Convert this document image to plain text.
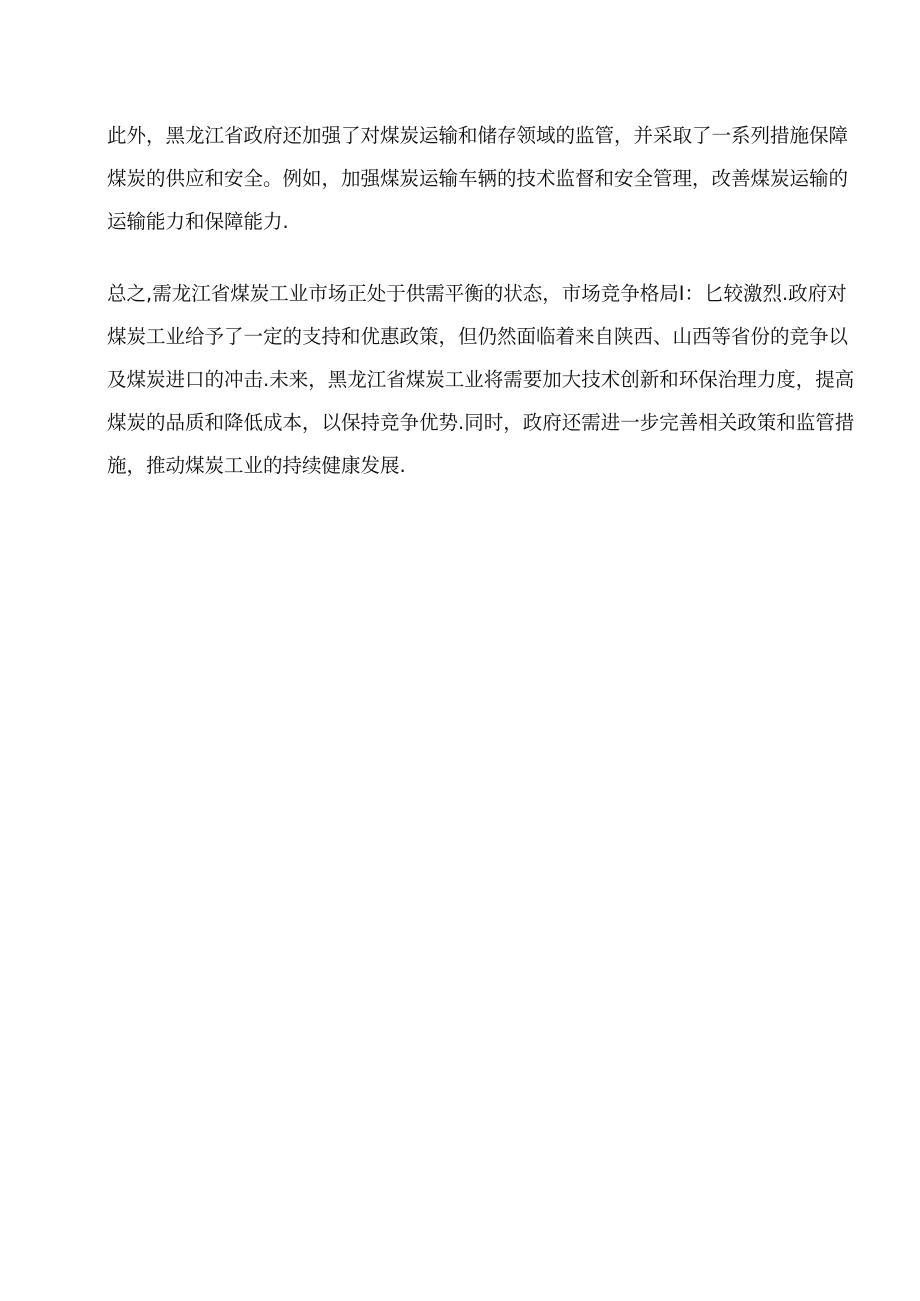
此外，黑龙江省政府还加强了对煤炭运输和储存领域的监管，并采取了一系列措施保障
煤炭的供应和安全。例如，加强煤炭运输车辆的技术监督和安全管理，改善煤炭运输的
运输能力和保障能力.
总之,需龙江省煤炭工业市场正处于供需平衡的状态，市场竞争格局I：匕较激烈.政府对
煤炭工业给予了一定的支持和优惠政策，但仍然面临着来自陕西、山西等省份的竞争以
及煤炭进口的冲击.未来，黑龙江省煤炭工业将需要加大技术创新和环保治理力度，提高
煤炭的品质和降低成本，以保持竞争优势.同时，政府还需进一步完善相关政策和监管措
施，推动煤炭工业的持续健康发展.
